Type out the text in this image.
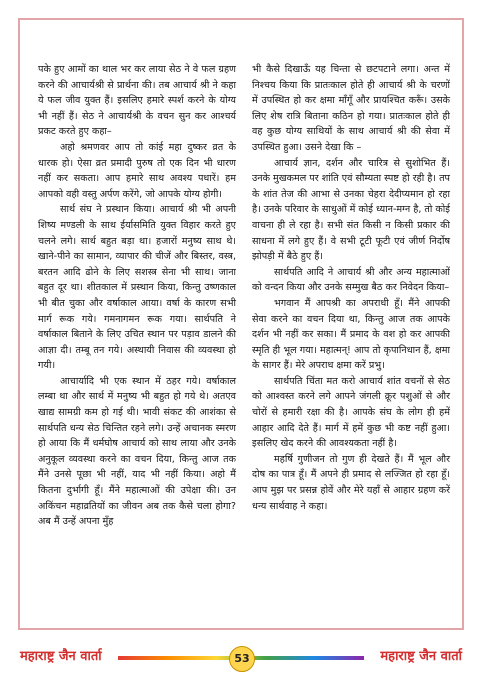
पके हुए आमों का थाल भर कर लाया सेठ ने वे फल ग्रहण करने की आचार्यश्री से प्रार्थना की। तब आचार्य श्री ने कहा ये फल जीव युक्त हैं। इसलिए हमारे स्पर्श करने के योग्य भी नहीं हैं। सेठ ने आचार्यश्री के वचन सुन कर आश्चर्य प्रकट करते हुए कहा–

अहो श्रमणवर आप तो कांई महा दुष्कर व्रत के धारक हो। ऐसा व्रत प्रमादी पुरुष तो एक दिन भी धारण नहीं कर सकता। आप हमारे साथ अवश्य पधारें। हम आपको वही वस्तु अर्पण करेंगे, जो आपके योग्य होगी।

सार्थ संघ ने प्रस्थान किया। आचार्य श्री भी अपनी शिष्य मण्डली के साथ ईर्यासमिति युक्त विहार करते हुए चलने लगे। सार्थ बहुत बड़ा था। हजारों मनुष्य साथ थे। खाने-पीने का सामान, व्यापार की चीजें और बिस्तर, वस्त्र, बरतन आदि ढोने के लिए सशस्त्र सेना भी साथ। जाना बहुत दूर था। शीतकाल में प्रस्थान किया, किन्तु उष्णकाल भी बीत चुका और वर्षाकाल आया। वर्षा के कारण सभी मार्ग रूक गये। गमनागमन रूक गया। सार्थपति ने वर्षाकाल बिताने के लिए उचित स्थान पर पड़ाव डालने की आज्ञा दी। तम्बू तन गये। अस्थायी निवास की व्यवस्था हो गयी।

आचार्यादि भी एक स्थान में ठहर गये। वर्षाकाल लम्बा था और सार्थ में मनुष्य भी बहुत हो गये थे। अतएव खाद्य सामग्री कम हो गई थी। भावी संकट की आशंका से सार्थपति धन्य सेठ चिन्तित रहने लगे। उन्हें अचानक स्मरण हो आया कि मैं धर्मघोष आचार्य को साथ लाया और उनके अनुकूल व्यवस्था करने का वचन दिया, किन्तु आज तक मैंने उनसे पूछा भी नहीं, याद भी नहीं किया। अहो मैं कितना दुर्भागी हूँ। मैंने महात्माओं की उपेक्षा की। उन अकिंचन महाव्रतियों का जीवन अब तक कैसे चला होगा? अब मैं उन्हें अपना मुँह

भी कैसे दिखाऊँ यह चिन्ता से छटपटाने लगा। अन्त में निश्चय किया कि प्रातःकाल होते ही आचार्य श्री के चरणों में उपस्थित हो कर क्षमा माँगूँ और प्रायश्चित करूँ। उसके लिए शेष रात्रि बिताना कठिन हो गया। प्रातःकाल होते ही वह कुछ योग्य साथियों के साथ आचार्य श्री की सेवा में उपस्थित हुआ। उसने देखा कि –

आचार्य ज्ञान, दर्शन और चारित्र से सुशोभित हैं। उनके मुखकमल पर शांति एवं सौम्यता स्पष्ट हो रही है। तप के शांत तेज की आभा से उनका चेहरा देदीप्यमान हो रहा है। उनके परिवार के साधुओं में कोई ध्यान-मग्न है, तो कोई वाचना ही ले रहा है। सभी संत किसी न किसी प्रकार की साधना में लगे हुए हैं। वे सभी टूटी फूटी एवं जीर्ण निर्दोष झोपड़ी में बैठे हुए हैं।

सार्थपति आदि ने आचार्य श्री और अन्य महात्माओं को वन्दन किया और उनके सम्मुख बैठ कर निवेदन किया–

भगवान मैं आपश्री का अपराधी हूँ। मैंने आपकी सेवा करने का वचन दिया था, किन्तु आज तक आपके दर्शन भी नहीं कर सका। मैं प्रमाद के वश हो कर आपकी स्मृति ही भूल गया। महात्मन्! आप तो कृपानिधान हैं, क्षमा के सागर हैं। मेरे अपराध क्षमा करें प्रभु।

सार्थपति चिंता मत करो आचार्य शांत वचनों से सेठ को आश्वस्त करने लगे आपने जंगली क्रूर पशुओं से और चोरों से हमारी रक्षा की है। आपके संघ के लोग ही हमें आहार आदि देते हैं। मार्ग में हमें कुछ भी कष्ट नहीं हुआ। इसलिए खेद करने की आवश्यकता नहीं है।

महर्षि गुणीजन तो गुण ही देखते हैं। मैं भूल और दोष का पात्र हूँ। मैं अपने ही प्रमाद से लज्जित हो रहा हूँ। आप मुझ पर प्रसन्न होवें और मेरे यहाँ से आहार ग्रहण करें धन्य सार्थवाह ने कहा।

महाराष्ट्र जैन वार्ता	53	महाराष्ट्र जैन वार्ता
